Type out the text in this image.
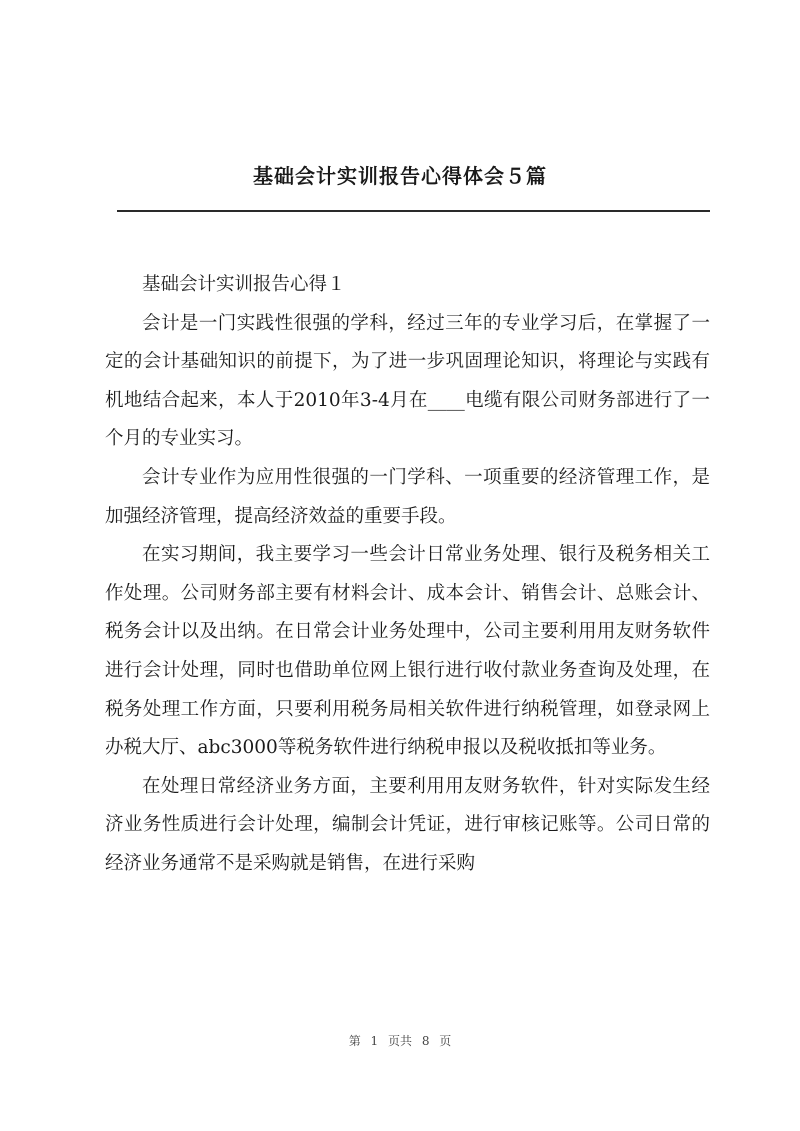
基础会计实训报告心得体会５篇

基础会计实训报告心得１

会计是一门实践性很强的学科，经过三年的专业学习后，在掌握了一定的会计基础知识的前提下，为了进一步巩固理论知识，将理论与实践有机地结合起来，本人于2010年3-4月在____电缆有限公司财务部进行了一个月的专业实习。

会计专业作为应用性很强的一门学科、一项重要的经济管理工作，是加强经济管理，提高经济效益的重要手段。

在实习期间，我主要学习一些会计日常业务处理、银行及税务相关工作处理。公司财务部主要有材料会计、成本会计、销售会计、总账会计、税务会计以及出纳。在日常会计业务处理中，公司主要利用用友财务软件进行会计处理，同时也借助单位网上银行进行收付款业务查询及处理，在税务处理工作方面，只要利用税务局相关软件进行纳税管理，如登录网上办税大厅、abc3000等税务软件进行纳税申报以及税收抵扣等业务。

在处理日常经济业务方面，主要利用用友财务软件，针对实际发生经济业务性质进行会计处理，编制会计凭证，进行审核记账等。公司日常的经济业务通常不是采购就是销售，在进行采购

第 1 页共 8 页
